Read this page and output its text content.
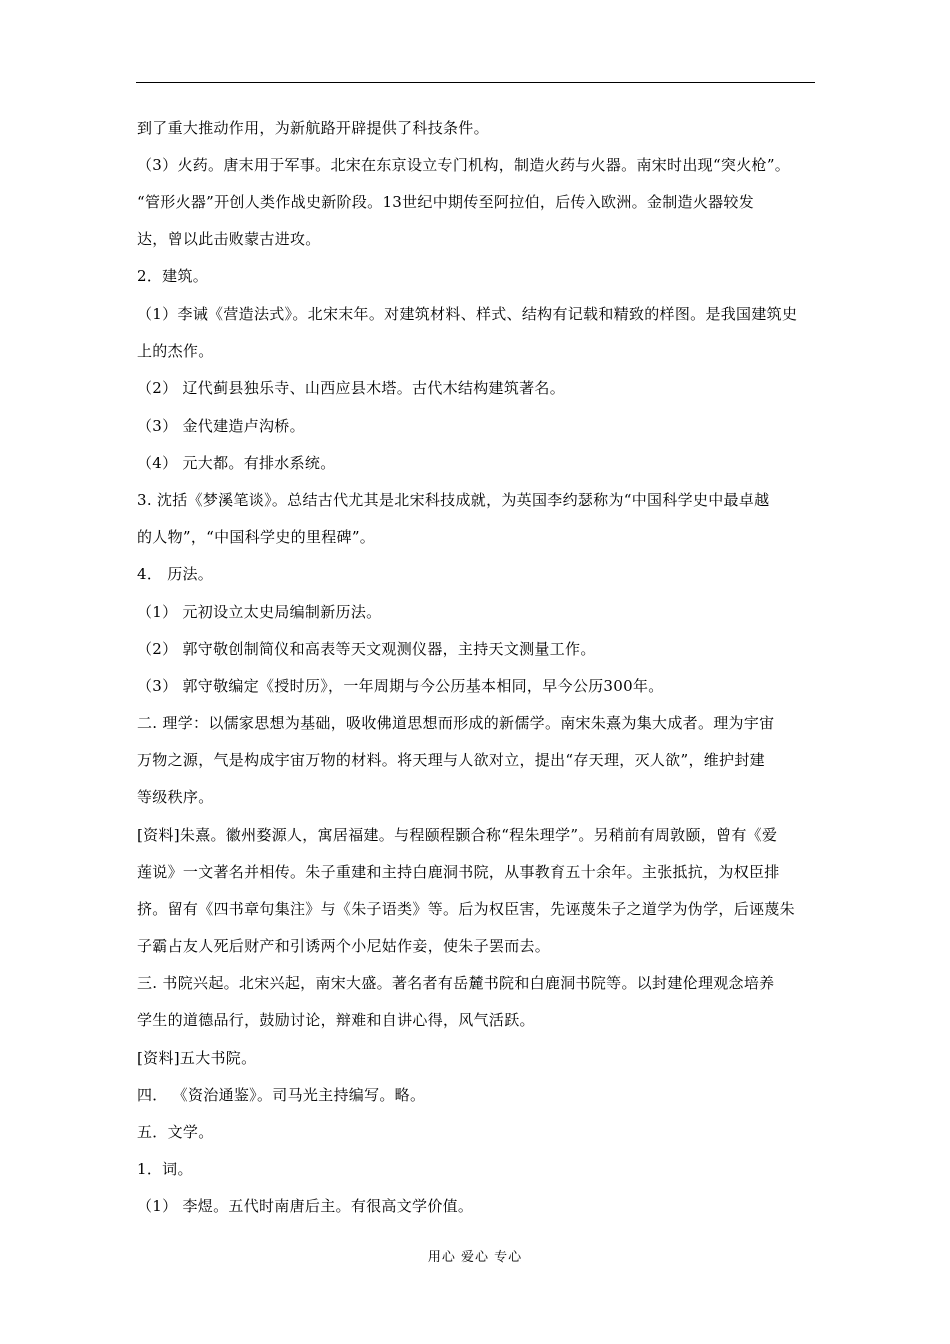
到了重大推动作用，为新航路开辟提供了科技条件。

（3）火药。唐末用于军事。北宋在东京设立专门机构，制造火药与火器。南宋时出现“突火枪”。

“管形火器”开创人类作战史新阶段。13世纪中期传至阿拉伯，后传入欧洲。金制造火器较发

达，曾以此击败蒙古进攻。

2．建筑。

（1）李诫《营造法式》。北宋末年。对建筑材料、样式、结构有记载和精致的样图。是我国建筑史

上的杰作。

（2） 辽代蓟县独乐寺、山西应县木塔。古代木结构建筑著名。

（3） 金代建造卢沟桥。

（4） 元大都。有排水系统。

3. 沈括《梦溪笔谈》。总结古代尤其是北宋科技成就，为英国李约瑟称为“中国科学史中最卓越

的人物”，“中国科学史的里程碑”。

4． 历法。

（1） 元初设立太史局编制新历法。

（2） 郭守敬创制简仪和高表等天文观测仪器，主持天文测量工作。

（3） 郭守敬编定《授时历》，一年周期与今公历基本相同，早今公历300年。

二. 理学：以儒家思想为基础，吸收佛道思想而形成的新儒学。南宋朱熹为集大成者。理为宇宙

万物之源，气是构成宇宙万物的材料。将天理与人欲对立，提出“存天理，灭人欲”，维护封建

等级秩序。

[资料]朱熹。徽州婺源人，寓居福建。与程颐程颢合称“程朱理学”。另稍前有周敦颐，曾有《爱

莲说》一文著名并相传。朱子重建和主持白鹿洞书院，从事教育五十余年。主张抵抗，为权臣排

挤。留有《四书章句集注》与《朱子语类》等。后为权臣害，先诬蔑朱子之道学为伪学，后诬蔑朱

子霸占友人死后财产和引诱两个小尼姑作妾，使朱子罢而去。

三. 书院兴起。北宋兴起，南宋大盛。著名者有岳麓书院和白鹿洞书院等。以封建伦理观念培养

学生的道德品行，鼓励讨论，辩难和自讲心得，风气活跃。

[资料]五大书院。

四． 《资治通鉴》。司马光主持编写。略。

五．文学。

1．词。

（1） 李煜。五代时南唐后主。有很高文学价值。

用心 爱心 专心
